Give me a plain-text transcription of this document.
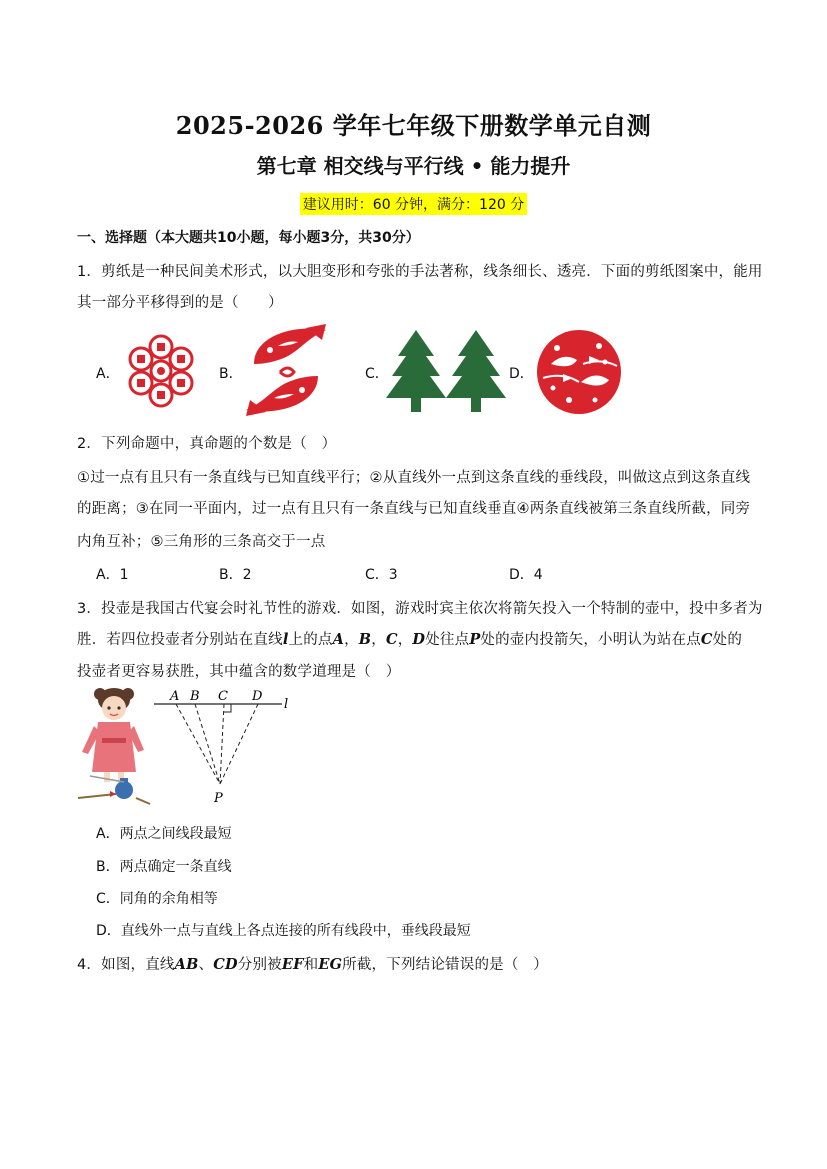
2025-2026 学年七年级下册数学单元自测
第七章 相交线与平行线 • 能力提升
建议用时：60 分钟，满分：120 分
一、选择题（本大题共10小题，每小题3分，共30分）
1．剪纸是一种民间美术形式，以大胆变形和夸张的手法著称，线条细长、透亮．下面的剪纸图案中，能用
其一部分平移得到的是（　　）
A．	B．	C．	D．
2．下列命题中，真命题的个数是（　）
①过一点有且只有一条直线与已知直线平行；②从直线外一点到这条直线的垂线段，叫做这点到这条直线
的距离；③在同一平面内，过一点有且只有一条直线与已知直线垂直④两条直线被第三条直线所截，同旁
内角互补；⑤三角形的三条高交于一点
A．1	B．2	C．3	D．4
3．投壶是我国古代宴会时礼节性的游戏．如图，游戏时宾主依次将箭矢投入一个特制的壶中，投中多者为
胜．若四位投壶者分别站在直线l上的点A，B，C，D处往点P处的壶内投箭矢，小明认为站在点C处的
投壶者更容易获胜，其中蕴含的数学道理是（　）
A B C D
l
P
A．两点之间线段最短
B．两点确定一条直线
C．同角的余角相等
D．直线外一点与直线上各点连接的所有线段中，垂线段最短
4．如图，直线AB、CD分别被EF和EG所截，下列结论错误的是（　）
